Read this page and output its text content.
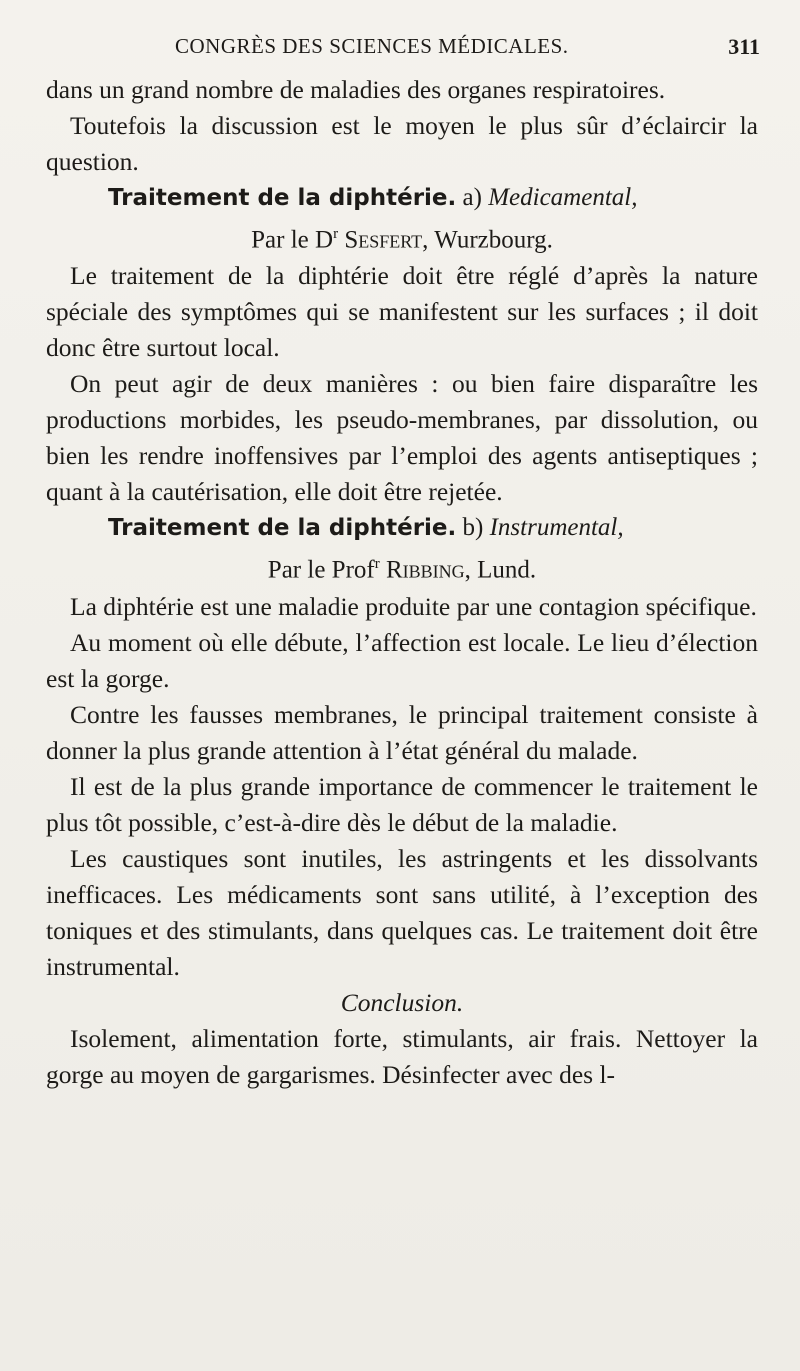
CONGRÈS DES SCIENCES MÉDICALES.	311

dans un grand nombre de maladies des organes respiratoires.

Toutefois la discussion est le moyen le plus sûr d’éclaircir la question.

Traitement de la diphtérie. a) Medicamental,

Par le $D^r$ Sesfert, Wurzbourg.

Le traitement de la diphtérie doit être réglé d’après la nature spéciale des symptômes qui se manifestent sur les surfaces ; il doit donc être surtout local.

On peut agir de deux manières : ou bien faire disparaître les productions morbides, les pseudo-membranes, par dissolution, ou bien les rendre inoffensives par l’emploi des agents antiseptiques ; quant à la cautérisation, elle doit être rejetée.

Traitement de la diphtérie. b) Instrumental,

Par le Prof$^r$ Ribbing, Lund.

La diphtérie est une maladie produite par une contagion spécifique.

Au moment où elle débute, l’affection est locale. Le lieu d’élection est la gorge.

Contre les fausses membranes, le principal traitement consiste à donner la plus grande attention à l’état général du malade.

Il est de la plus grande importance de commencer le traitement le plus tôt possible, c’est-à-dire dès le début de la maladie.

Les caustiques sont inutiles, les astringents et les dissolvants inefficaces. Les médicaments sont sans utilité, à l’exception des toniques et des stimulants, dans quelques cas. Le traitement doit être instrumental.

Conclusion.

Isolement, alimentation forte, stimulants, air frais. Nettoyer la gorge au moyen de gargarismes. Désinfecter avec des l-
